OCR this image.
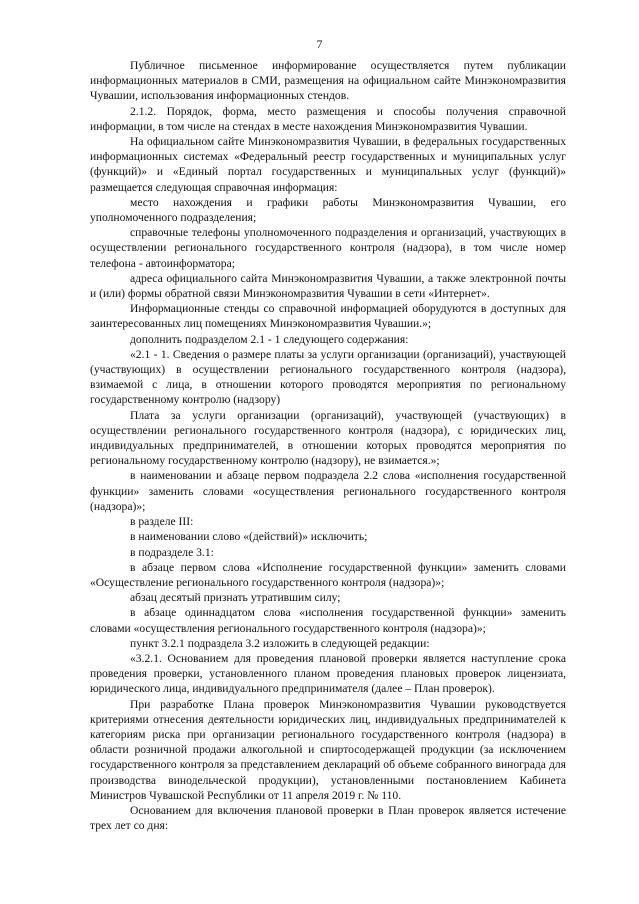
7

Публичное письменное информирование осуществляется путем публикации информационных материалов в СМИ, размещения на официальном сайте Минэкономразвития Чувашии, использования информационных стендов.

2.1.2. Порядок, форма, место размещения и способы получения справочной информации, в том числе на стендах в месте нахождения Минэкономразвития Чувашии.

На официальном сайте Минэкономразвития Чувашии, в федеральных государственных информационных системах «Федеральный реестр государственных и муниципальных услуг (функций)» и «Единый портал государственных и муниципальных услуг (функций)» размещается следующая справочная информация:

место нахождения и графики работы Минэкономразвития Чувашии, его уполномоченного подразделения;

справочные телефоны уполномоченного подразделения и организаций, участвующих в осуществлении регионального государственного контроля (надзора), в том числе номер телефона - автоинформатора;

адреса официального сайта Минэкономразвития Чувашии, а также электронной почты и (или) формы обратной связи Минэкономразвития Чувашии в сети «Интернет».

Информационные стенды со справочной информацией оборудуются в доступных для заинтересованных лиц помещениях Минэкономразвития Чувашии.»;

дополнить подразделом 2.1 - 1 следующего содержания:

«2.1 - 1. Сведения о размере платы за услуги организации (организаций), участвующей (участвующих) в осуществлении регионального государственного контроля (надзора), взимаемой с лица, в отношении которого проводятся мероприятия по региональному государственному контролю (надзору)

Плата за услуги организации (организаций), участвующей (участвующих) в осуществлении регионального государственного контроля (надзора), с юридических лиц, индивидуальных предпринимателей, в отношении которых проводятся мероприятия по региональному государственному контролю (надзору), не взимается.»;

в наименовании и абзаце первом подраздела 2.2 слова «исполнения государственной функции» заменить словами «осуществления регионального государственного контроля (надзора)»;

в разделе III:

в наименовании слово «(действий)» исключить;

в подразделе 3.1:

в абзаце первом слова «Исполнение государственной функции» заменить словами «Осуществление регионального государственного контроля (надзора)»;

абзац десятый признать утратившим силу;

в абзаце одиннадцатом слова «исполнения государственной функции» заменить словами «осуществления регионального государственного контроля (надзора)»;

пункт 3.2.1 подраздела 3.2 изложить в следующей редакции:

«3.2.1. Основанием для проведения плановой проверки является наступление срока проведения проверки, установленного планом проведения плановых проверок лицензиата, юридического лица, индивидуального предпринимателя (далее – План проверок).

При разработке Плана проверок Минэкономразвития Чувашии руководствуется критериями отнесения деятельности юридических лиц, индивидуальных предпринимателей к категориям риска при организации регионального государственного контроля (надзора) в области розничной продажи алкогольной и спиртосодержащей продукции (за исключением государственного контроля за представлением деклараций об объеме собранного винограда для производства винодельческой продукции), установленными постановлением Кабинета Министров Чувашской Республики от 11 апреля 2019 г. № 110.

Основанием для включения плановой проверки в План проверок является истечение трех лет со дня:
